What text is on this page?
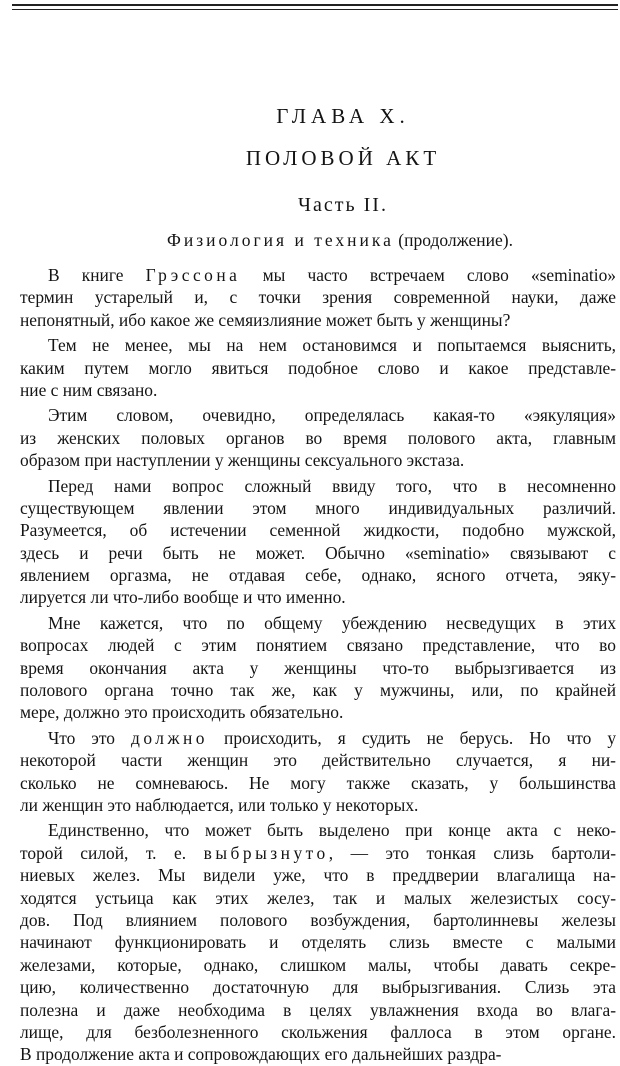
ГЛАВА X.
ПОЛОВОЙ АКТ
Часть II.
Физиология и техника (продолжение).
В книге Грэссона мы часто встречаем слово «seminatio»
термин устарелый и, с точки зрения современной науки, даже
непонятный, ибо какое же семяизлияние может быть у женщины?
Тем не менее, мы на нем остановимся и попытаемся выяснить,
каким путем могло явиться подобное слово и какое представле-
ние с ним связано.
Этим словом, очевидно, определялась какая-то «эякуляция»
из женских половых органов во время полового акта, главным
образом при наступлении у женщины сексуального экстаза.
Перед нами вопрос сложный ввиду того, что в несомненно
существующем явлении этом много индивидуальных различий.
Разумеется, об истечении семенной жидкости, подобно мужской,
здесь и речи быть не может. Обычно «seminatio» связывают с
явлением оргазма, не отдавая себе, однако, ясного отчета, эяку-
лируется ли что-либо вообще и что именно.
Мне кажется, что по общему убеждению несведущих в этих
вопросах людей с этим понятием связано представление, что во
время окончания акта у женщины что-то выбрызгивается из
полового органа точно так же, как у мужчины, или, по крайней
мере, должно это происходить обязательно.
Что это должно происходить, я судить не берусь. Но что у
некоторой части женщин это действительно случается, я ни-
сколько не сомневаюсь. Не могу также сказать, у большинства
ли женщин это наблюдается, или только у некоторых.
Единственно, что может быть выделено при конце акта с неко-
торой силой, т. е. выбрызнуто, — это тонкая слизь бартоли-
ниевых желез. Мы видели уже, что в преддверии влагалища на-
ходятся устьица как этих желез, так и малых железистых сосу-
дов. Под влиянием полового возбуждения, бартолинневы железы
начинают функционировать и отделять слизь вместе с малыми
железами, которые, однако, слишком малы, чтобы давать секре-
цию, количественно достаточную для выбрызгивания. Слизь эта
полезна и даже необходима в целях увлажнения входа во влага-
лище, для безболезненного скольжения фаллоса в этом органе.
В продолжение акта и сопровождающих его дальнейших раздра-
